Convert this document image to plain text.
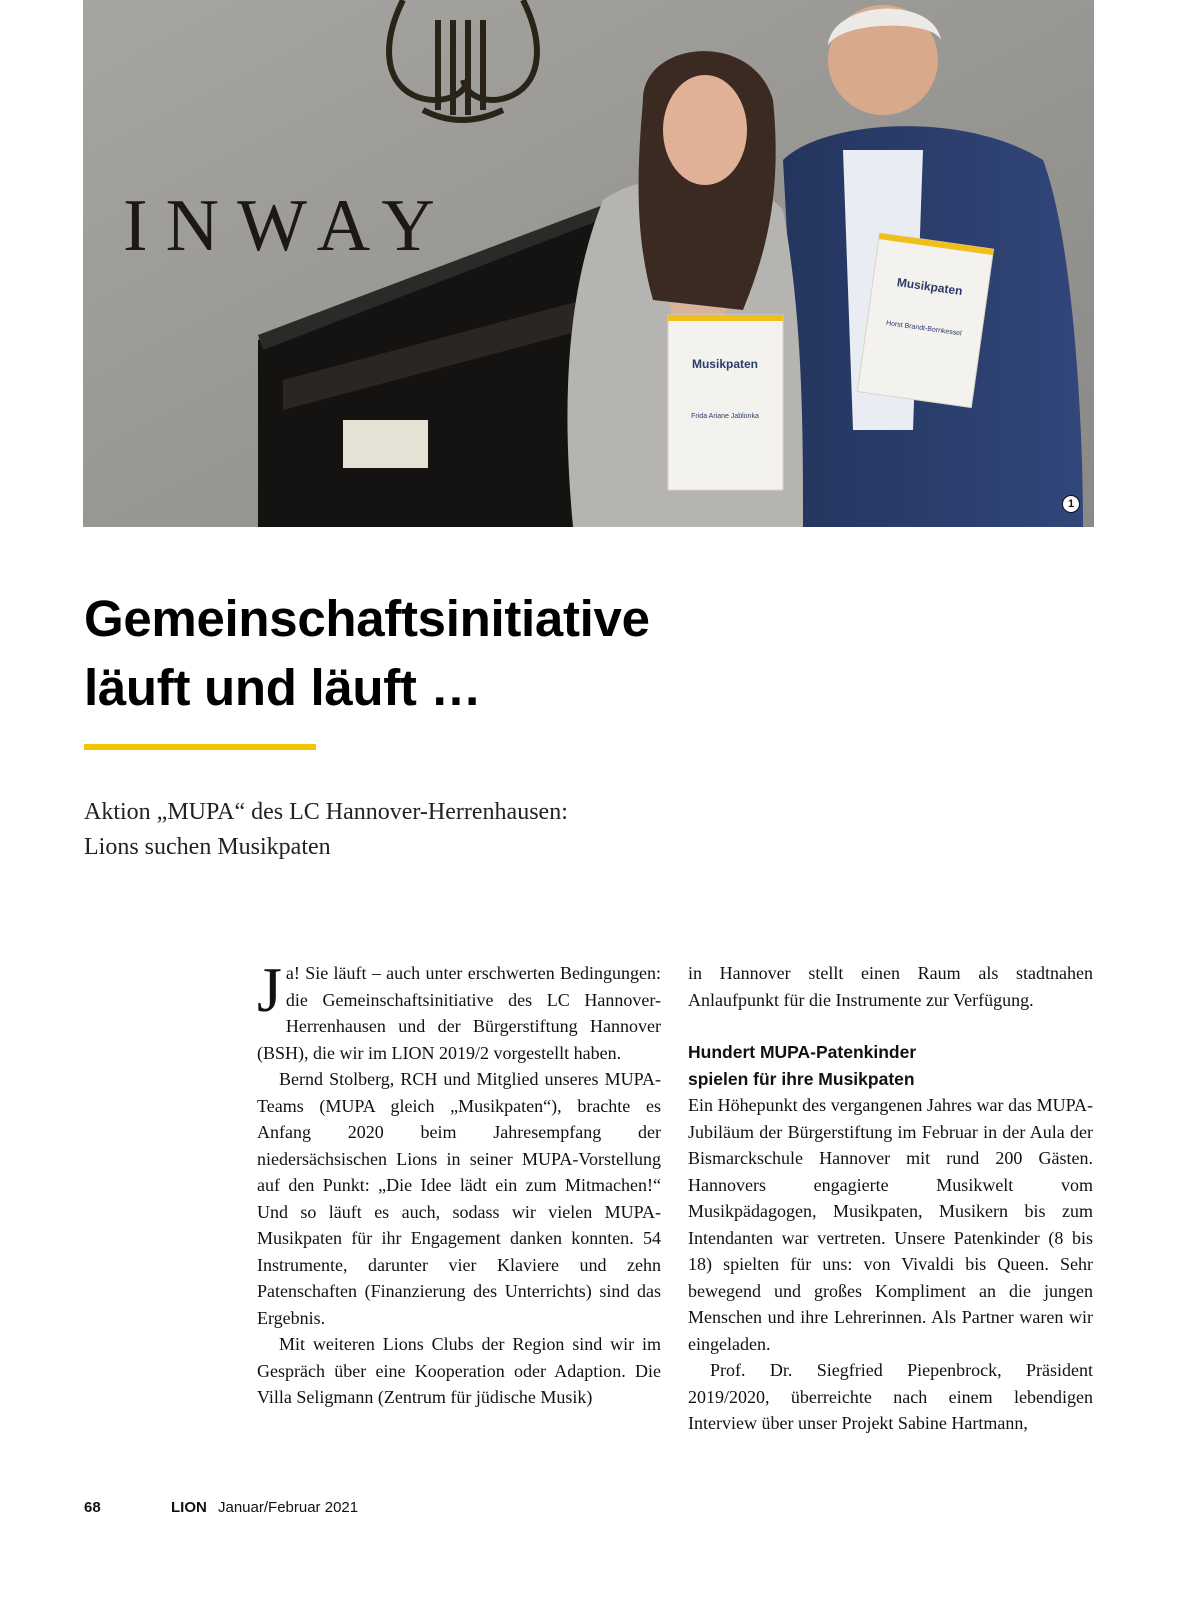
INWAY
Musikpaten
Frida Ariane Jablonka
Musikpaten
Horst Brandt-Bornkessel
1
Gemeinschaftsinitiative
läuft und läuft …
Aktion „MUPA“ des LC Hannover-Herrenhausen:
Lions suchen Musikpaten

Ja! Sie läuft – auch unter erschwerten Bedingungen: die Gemeinschaftsinitiative des LC Hannover-Herrenhausen und der Bürgerstiftung Hannover (BSH), die wir im LION 2019/2 vorgestellt haben.

Bernd Stolberg, RCH und Mitglied unseres MUPA-Teams (MUPA gleich „Musikpaten“), brachte es Anfang 2020 beim Jahresempfang der niedersächsischen Lions in seiner MUPA-Vorstellung auf den Punkt: „Die Idee lädt ein zum Mitmachen!“ Und so läuft es auch, sodass wir vielen MUPA-Musikpaten für ihr Engagement danken konnten. 54 Instrumente, darunter vier Klaviere und zehn Patenschaften (Finanzierung des Unterrichts) sind das Ergebnis.

Mit weiteren Lions Clubs der Region sind wir im Gespräch über eine Kooperation oder Adaption. Die Villa Seligmann (Zentrum für jüdische Musik)

in Hannover stellt einen Raum als stadtnahen Anlaufpunkt für die Instrumente zur Verfügung.

Hundert MUPA-Patenkinder
spielen für ihre Musikpaten

Ein Höhepunkt des vergangenen Jahres war das MUPA-Jubiläum der Bürgerstiftung im Februar in der Aula der Bismarckschule Hannover mit rund 200 Gästen. Hannovers engagierte Musikwelt vom Musikpädagogen, Musikpaten, Musikern bis zum Intendanten war vertreten. Unsere Patenkinder (8 bis 18) spielten für uns: von Vivaldi bis Queen. Sehr bewegend und großes Kompliment an die jungen Menschen und ihre Lehrerinnen. Als Partner waren wir eingeladen.

Prof. Dr. Siegfried Piepenbrock, Präsident 2019/2020, überreichte nach einem lebendigen Interview über unser Projekt Sabine Hartmann,

68	LION Januar/Februar 2021
